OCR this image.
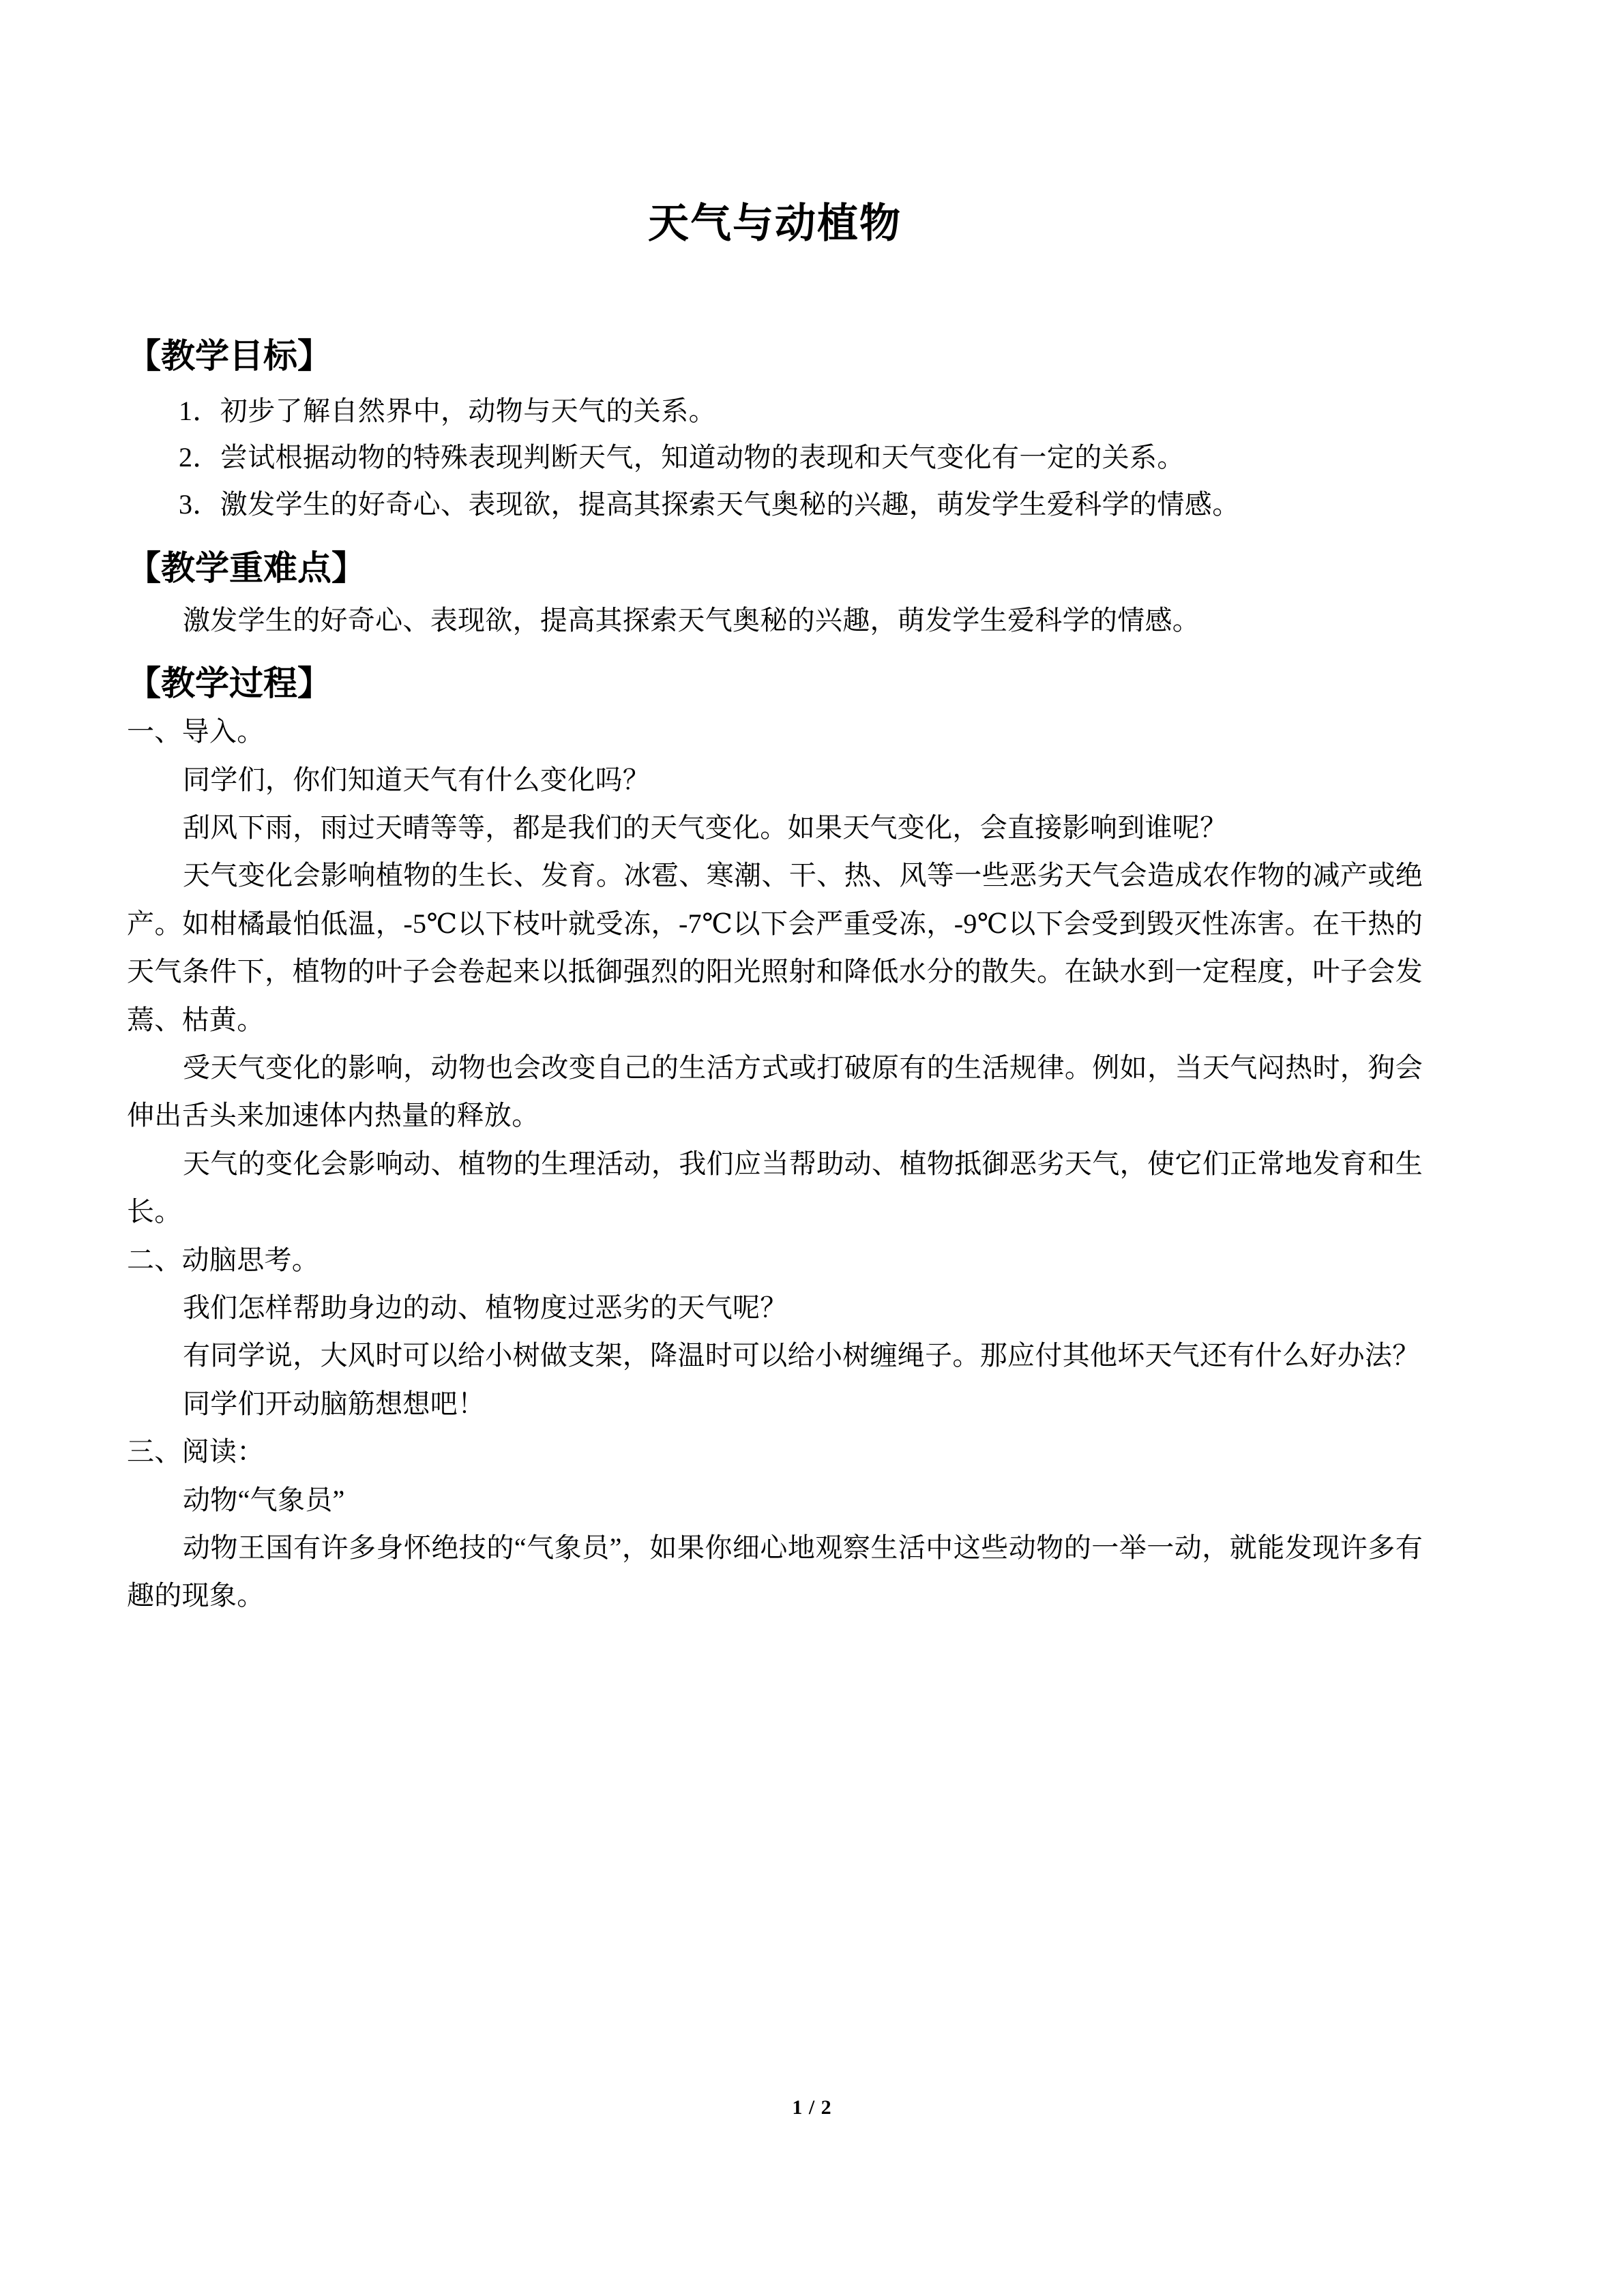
天气与动植物
【教学目标】

1．初步了解自然界中，动物与天气的关系。

2．尝试根据动物的特殊表现判断天气，知道动物的表现和天气变化有一定的关系。

3．激发学生的好奇心、表现欲，提高其探索天气奥秘的兴趣，萌发学生爱科学的情感。

【教学重难点】

激发学生的好奇心、表现欲，提高其探索天气奥秘的兴趣，萌发学生爱科学的情感。

【教学过程】

一、导入。

同学们，你们知道天气有什么变化吗？

刮风下雨，雨过天晴等等，都是我们的天气变化。如果天气变化，会直接影响到谁呢？

天气变化会影响植物的生长、发育。冰雹、寒潮、干、热、风等一些恶劣天气会造成农作物的减产或绝产。如柑橘最怕低温，-5℃以下枝叶就受冻，-7℃以下会严重受冻，-9℃以下会受到毁灭性冻害。在干热的天气条件下，植物的叶子会卷起来以抵御强烈的阳光照射和降低水分的散失。在缺水到一定程度，叶子会发蔫、枯黄。

受天气变化的影响，动物也会改变自己的生活方式或打破原有的生活规律。例如，当天气闷热时，狗会伸出舌头来加速体内热量的释放。

天气的变化会影响动、植物的生理活动，我们应当帮助动、植物抵御恶劣天气，使它们正常地发育和生长。

二、动脑思考。

我们怎样帮助身边的动、植物度过恶劣的天气呢？

有同学说，大风时可以给小树做支架，降温时可以给小树缠绳子。那应付其他坏天气还有什么好办法？

同学们开动脑筋想想吧！

三、阅读：

动物“气象员”

动物王国有许多身怀绝技的“气象员”，如果你细心地观察生活中这些动物的一举一动，就能发现许多有趣的现象。

1 / 2
